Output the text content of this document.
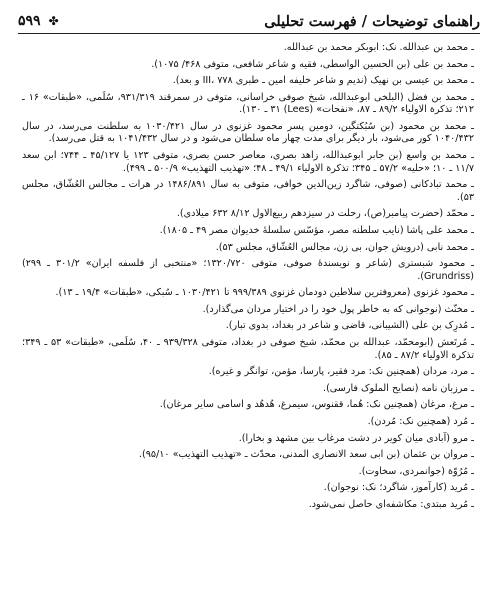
۵۹۹ ✤	راهنمای توضیحات / فهرست تحلیلی

ـ محمد بن عبدالله. نک: ابوبکر محمد بن عبدالله.

ـ محمد بن علی (بن الحسین الواسطی، فقیه و شاعر شافعی، متوفی ۴۶۸/ ۱۰۷۵).

ـ محمد بن عیسی بن نهیک (ندیم و شاعر خلیفه امین ـ طبری III، ۷۷۸ و بعد).

ـ محمد بن فضل (البلخی ابوعبدالله، شیخ صوفی خراسانی، متوفی در سمرقند ۹۳۱/۳۱۹، سُلَمی، «طبقات» ۱۶ ـ ۲۱۲؛ تذکرة الاولیاء ۸۹/۲ ـ ۸۷، «نفحات» (Lees) ۳۱ ـ ۱۳۰).

ـ محمد بن محمود (بن سُبُکتگین، دومین پسر محمود غزنوی در سال ۱۰۳۰/۴۲۱ به سلطنت می‌رسد، در سال ۱۰۴۰/۴۳۲ کور می‌شود، بار دیگر برای مدت چهار ماه سلطان می‌شود و در سال ۱۰۴۱/۴۳۲ به قتل می‌رسد).

ـ محمد بن واسع (بن جابر ابوعبدالله، زاهد بصری، معاصر حسن بصری، متوفی ۱۲۳ یا ۴۵/۱۲۷ ـ ۷۴۴؛ ابن سعد ۱۱/۷ ـ ۱۰؛ «حلیه» ۵۷/۲ ـ ۳۴۵؛ تذکرة الاولیاء ۴۹/۱ ـ ۴۸؛ «تهذیب التهذیب» ۵۰۰/۹ ـ ۴۹۹).

ـ محمد تبادکانی (صوفی، شاگرد زین‌الدین خوافی، متوفی به سال ۱۴۸۶/۸۹۱ در هرات ـ مجالس العُشّاق، مجلس ۵۳).

ـ محمّد (حضرت پیامبر(ص)، رحلت در سیزدهم ربیع‌الاول ۸/۱۲ ۶۳۲ میلادی).

ـ محمد علی پاشا (نایب سلطنه مصر، مؤسّس سلسلهٔ خدیوان مصر ۴۹ ـ ۱۸۰۵).

ـ محمد نابی (درویش جوان، بی زن، مجالس العُشّاق، مجلس ۵۳).

ـ محمود شبستری (شاعر و نویسندهٔ صوفی، متوفی ۱۳۲۰/۷۲۰؛ «منتخبی از فلسفه ایران» ۳۰۱/۲ ـ ۲۹۹) (Grundriss).

ـ محمود غزنوی (معروفترین سلاطین دودمان غزنوی ۹۹۹/۳۸۹ تا ۱۰۳۰/۴۲۱ ـ سُبکی، «طبقات» ۱۹/۴ ـ ۱۳).

ـ مخنّث (نوجوانی که به خاطر پول خود را در اختیار مردان می‌گذارد).

ـ مُدرِک بن علی (الشیبانی، قاضی و شاعر در بغداد، بدوی تبار).

ـ مُرتَعش (ابومحمّد، عبدالله بن محمّد، شیخ صوفی در بغداد، متوفی ۹۳۹/۳۲۸ ـ ۴۰، سُلَمی، «طبقات» ۵۳ ـ ۳۴۹؛ تذکرة الاولیاء ۸۷/۲ ـ ۸۵).

ـ مرد، مردان (همچنین نک: مرد فقیر، پارسا، مؤمن، توانگر و غیره).

ـ مرزبان نامه (نصایح الملوک فارسی).

ـ مرغ، مرغان (همچنین نک: هُما، ققنوس، سیمرغ، هُدهُد و اسامی سایر مرغان).

ـ مُرد (همچنین نک: مُردن).

ـ مرو (آبادی میان کویر در دشت مرغاب بین مشهد و بخارا).

ـ مروان بن عثمان (بن ابی سعد الانصاری المدنی، محدّث ـ «تهذیب التهذیب» ۹۵/۱۰).

ـ مُرُوّة (جوانمردی، سخاوت).

ـ مُرید (کارآموز، شاگرد؛ نک: نوجوان).

ـ مُرید مبتدی: مکاشفه‌ای حاصل نمی‌شود.
